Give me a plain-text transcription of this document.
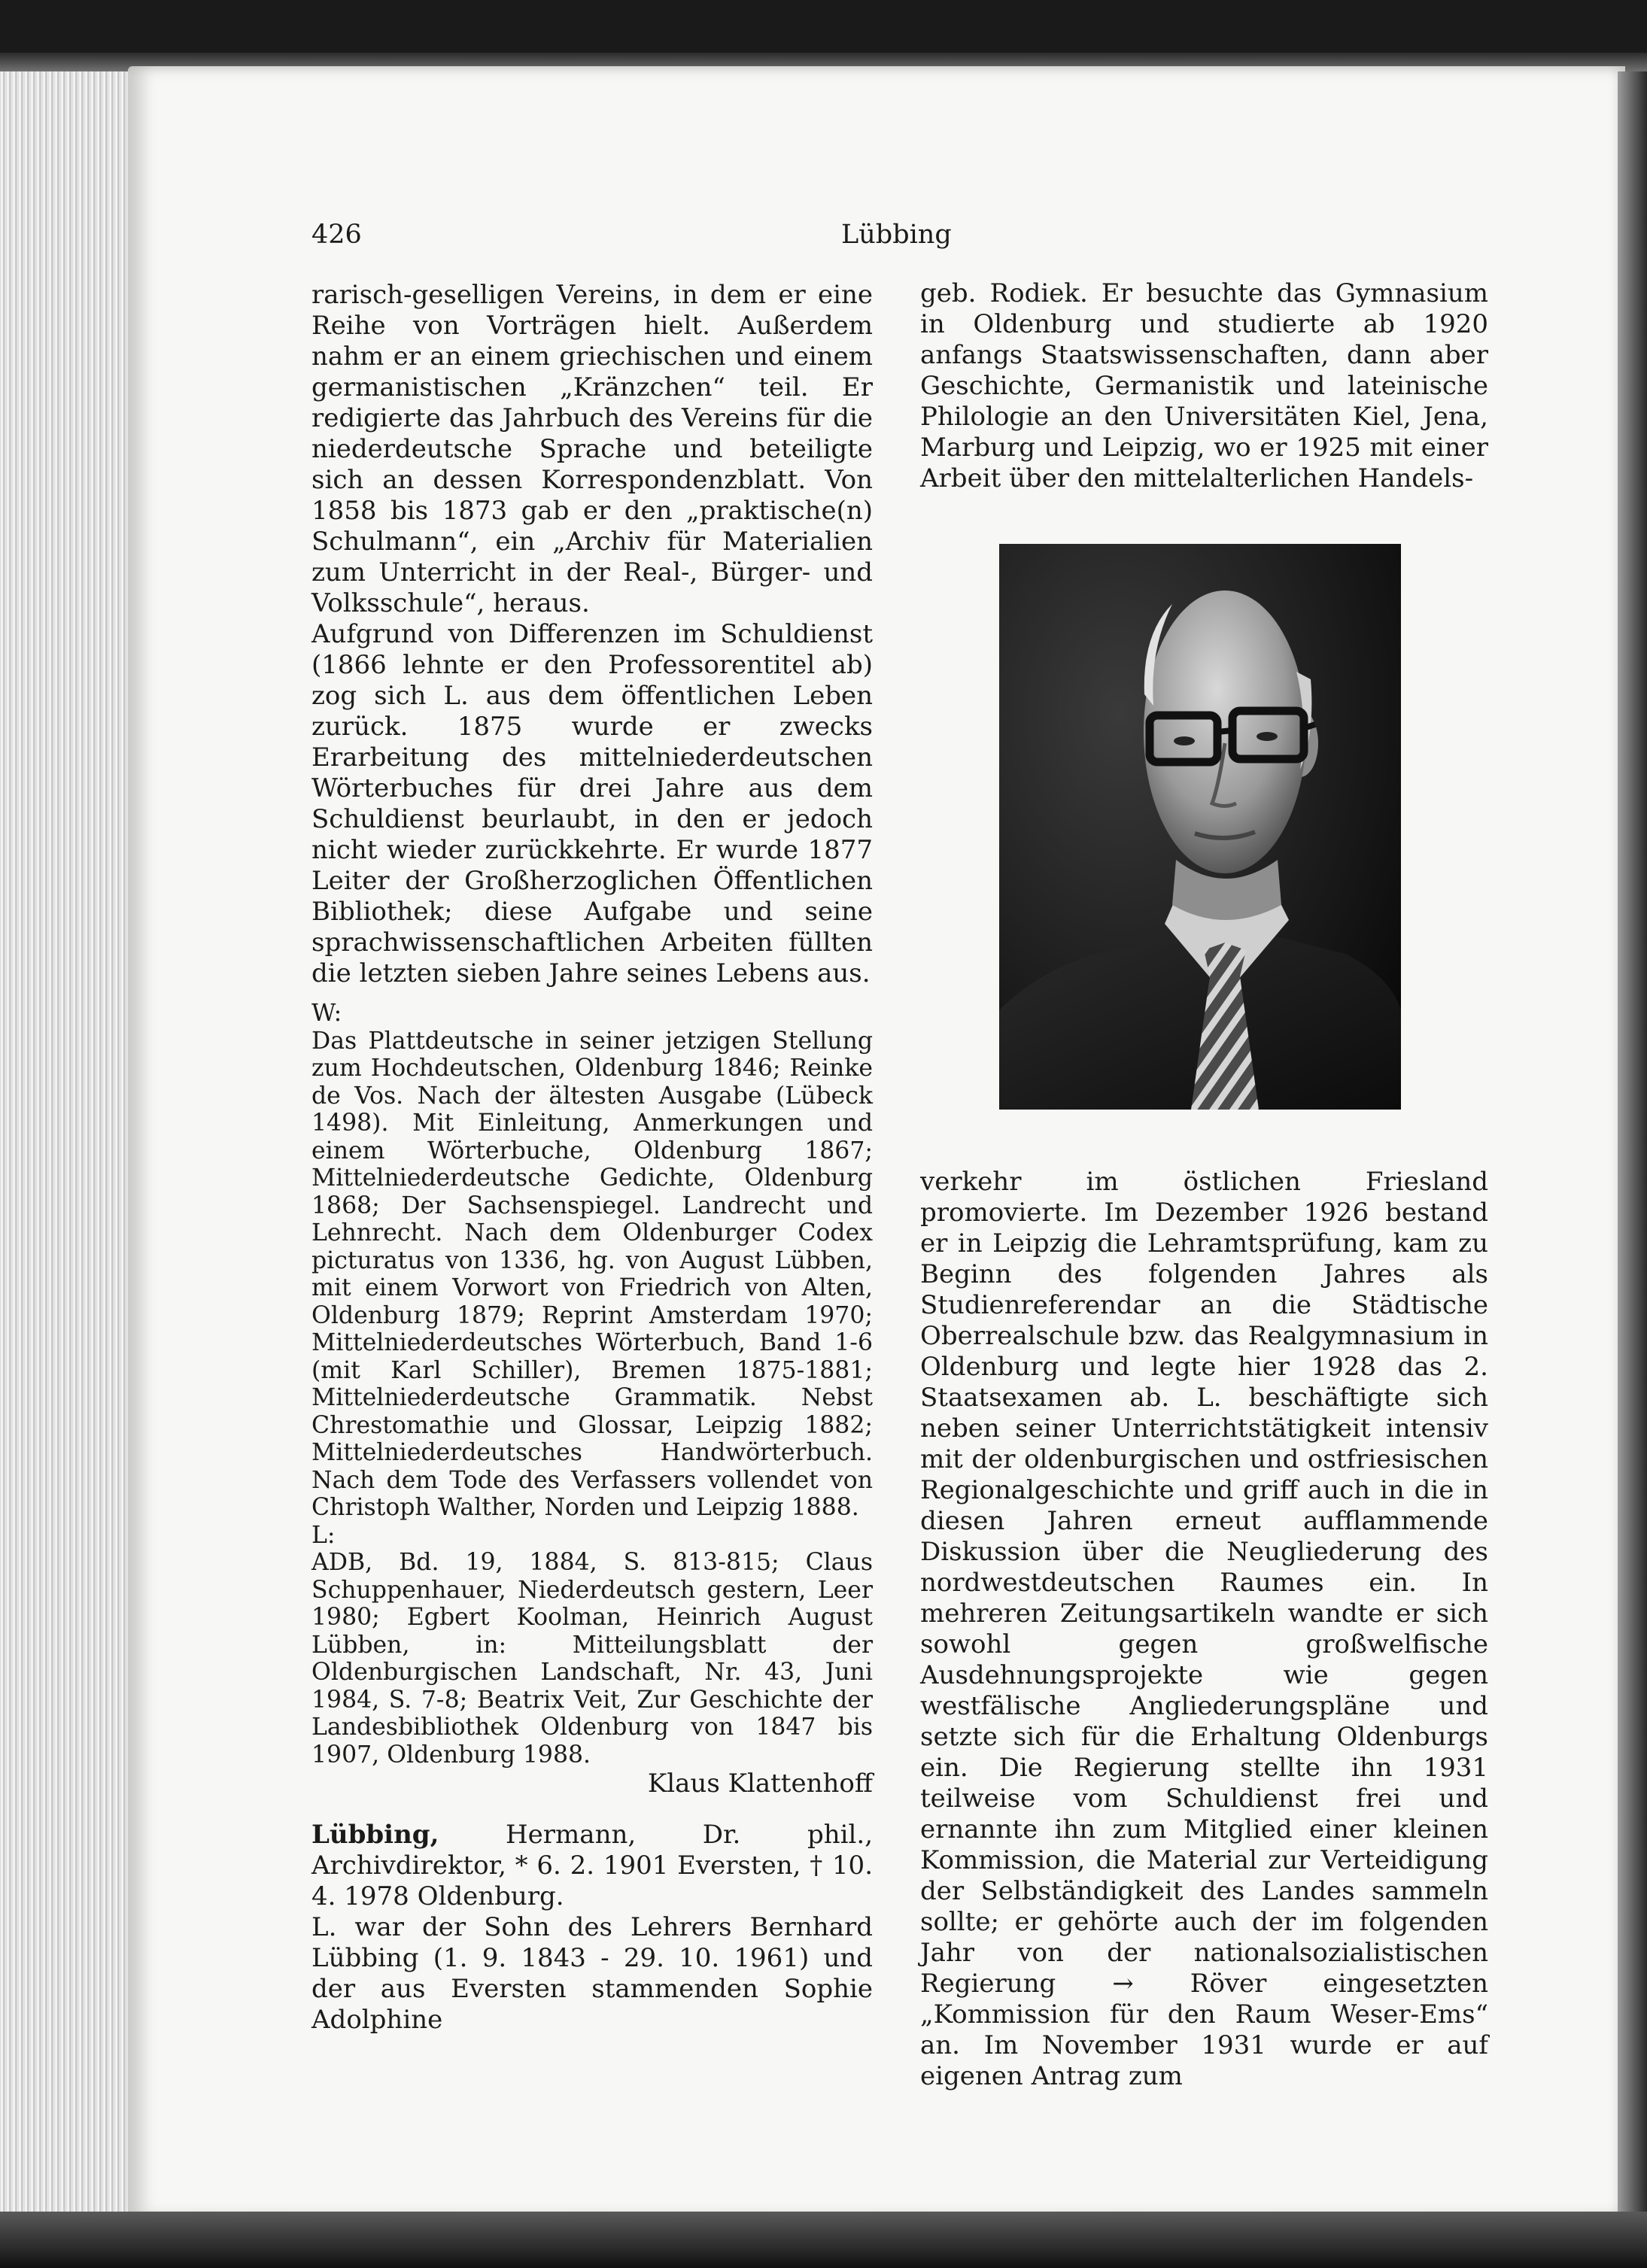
426	Lübbing

rarisch-geselligen Vereins, in dem er eine Reihe von Vorträgen hielt. Außerdem nahm er an einem griechischen und einem germanistischen „Kränzchen“ teil. Er redigierte das Jahrbuch des Vereins für die niederdeutsche Sprache und beteiligte sich an dessen Korrespondenzblatt. Von 1858 bis 1873 gab er den „praktische(n) Schulmann“, ein „Archiv für Materialien zum Unterricht in der Real-, Bürger- und Volksschule“, heraus.

Aufgrund von Differenzen im Schuldienst (1866 lehnte er den Professorentitel ab) zog sich L. aus dem öffentlichen Leben zurück. 1875 wurde er zwecks Erarbeitung des mittelniederdeutschen Wörterbuches für drei Jahre aus dem Schuldienst beurlaubt, in den er jedoch nicht wieder zurückkehrte. Er wurde 1877 Leiter der Großherzoglichen Öffentlichen Bibliothek; diese Aufgabe und seine sprachwissenschaftlichen Arbeiten füllten die letzten sieben Jahre seines Lebens aus.

W:

Das Plattdeutsche in seiner jetzigen Stellung zum Hochdeutschen, Oldenburg 1846; Reinke de Vos. Nach der ältesten Ausgabe (Lübeck 1498). Mit Einleitung, Anmerkungen und einem Wörterbuche, Oldenburg 1867; Mittelniederdeutsche Gedichte, Oldenburg 1868; Der Sachsenspiegel. Landrecht und Lehnrecht. Nach dem Oldenburger Codex picturatus von 1336, hg. von August Lübben, mit einem Vorwort von Friedrich von Alten, Oldenburg 1879; Reprint Amsterdam 1970; Mittelniederdeutsches Wörterbuch, Band 1-6 (mit Karl Schiller), Bremen 1875-1881; Mittelniederdeutsche Grammatik. Nebst Chrestomathie und Glossar, Leipzig 1882; Mittelniederdeutsches Handwörterbuch. Nach dem Tode des Verfassers vollendet von Christoph Walther, Norden und Leipzig 1888.

L:

ADB, Bd. 19, 1884, S. 813-815; Claus Schuppenhauer, Niederdeutsch gestern, Leer 1980; Egbert Koolman, Heinrich August Lübben, in: Mitteilungsblatt der Oldenburgischen Landschaft, Nr. 43, Juni 1984, S. 7-8; Beatrix Veit, Zur Geschichte der Landesbibliothek Oldenburg von 1847 bis 1907, Oldenburg 1988.

Klaus Klattenhoff

Lübbing, Hermann, Dr. phil., Archivdirektor, * 6. 2. 1901 Eversten, † 10. 4. 1978 Oldenburg.

L. war der Sohn des Lehrers Bernhard Lübbing (1. 9. 1843 - 29. 10. 1961) und der aus Eversten stammenden Sophie Adolphine

geb. Rodiek. Er besuchte das Gymnasium in Oldenburg und studierte ab 1920 anfangs Staatswissenschaften, dann aber Geschichte, Germanistik und lateinische Philologie an den Universitäten Kiel, Jena, Marburg und Leipzig, wo er 1925 mit einer Arbeit über den mittelalterlichen Handels-

verkehr im östlichen Friesland promovierte. Im Dezember 1926 bestand er in Leipzig die Lehramtsprüfung, kam zu Beginn des folgenden Jahres als Studienreferendar an die Städtische Oberrealschule bzw. das Realgymnasium in Oldenburg und legte hier 1928 das 2. Staatsexamen ab. L. beschäftigte sich neben seiner Unterrichtstätigkeit intensiv mit der oldenburgischen und ostfriesischen Regionalgeschichte und griff auch in die in diesen Jahren erneut aufflammende Diskussion über die Neugliederung des nordwestdeutschen Raumes ein. In mehreren Zeitungsartikeln wandte er sich sowohl gegen großwelfische Ausdehnungsprojekte wie gegen westfälische Angliederungspläne und setzte sich für die Erhaltung Oldenburgs ein. Die Regierung stellte ihn 1931 teilweise vom Schuldienst frei und ernannte ihn zum Mitglied einer kleinen Kommission, die Material zur Verteidigung der Selbständigkeit des Landes sammeln sollte; er gehörte auch der im folgenden Jahr von der nationalsozialistischen Regierung → Röver eingesetzten „Kommission für den Raum Weser-Ems“ an. Im November 1931 wurde er auf eigenen Antrag zum
